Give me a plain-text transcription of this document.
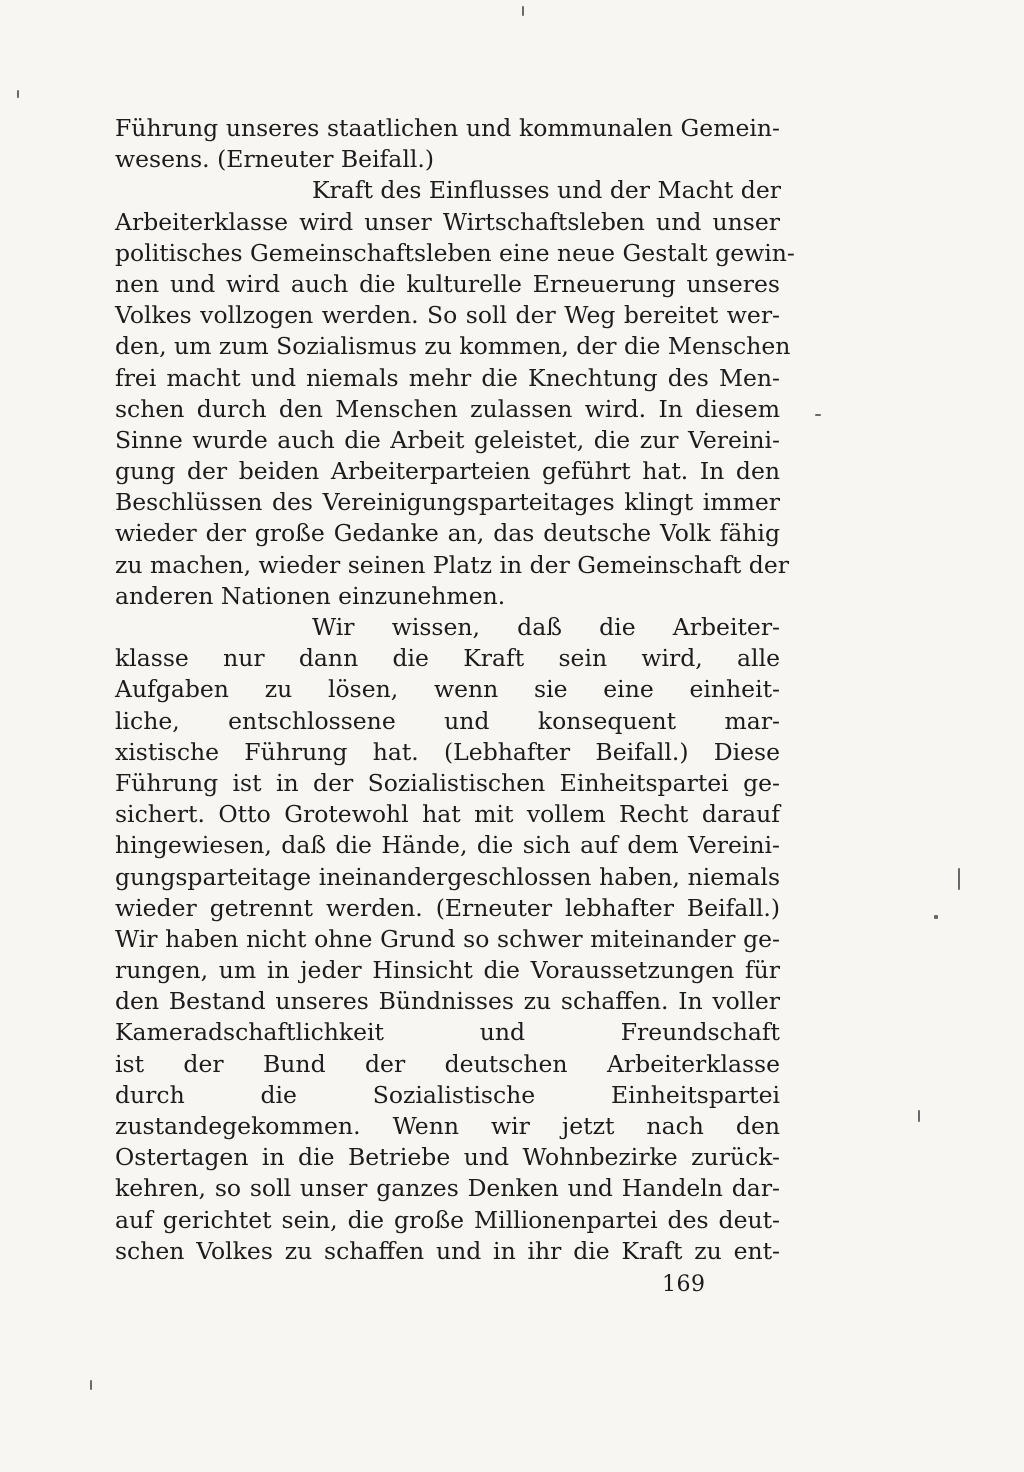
Führung unseres staatlichen und kommunalen Gemein-
wesens. (Erneuter Beifall.)
Kraft des Einflusses und der Macht der
Arbeiterklasse wird unser Wirtschaftsleben und unser
politisches Gemeinschaftsleben eine neue Gestalt gewin-
nen und wird auch die kulturelle Erneuerung unseres
Volkes vollzogen werden. So soll der Weg bereitet wer-
den, um zum Sozialismus zu kommen, der die Menschen
frei macht und niemals mehr die Knechtung des Men-
schen durch den Menschen zulassen wird. In diesem
Sinne wurde auch die Arbeit geleistet, die zur Vereini-
gung der beiden Arbeiterparteien geführt hat. In den
Beschlüssen des Vereinigungsparteitages klingt immer
wieder der große Gedanke an, das deutsche Volk fähig
zu machen, wieder seinen Platz in der Gemeinschaft der
anderen Nationen einzunehmen.
Wir wissen, daß die Arbeiter-
klasse nur dann die Kraft sein wird, alle
Aufgaben zu lösen, wenn sie eine einheit-
liche, entschlossene und konsequent mar-
xistische Führung hat. (Lebhafter Beifall.) Diese
Führung ist in der Sozialistischen Einheitspartei ge-
sichert. Otto Grotewohl hat mit vollem Recht darauf
hingewiesen, daß die Hände, die sich auf dem Vereini-
gungsparteitage ineinandergeschlossen haben, niemals
wieder getrennt werden. (Erneuter lebhafter Beifall.)
Wir haben nicht ohne Grund so schwer miteinander ge-
rungen, um in jeder Hinsicht die Voraussetzungen für
den Bestand unseres Bündnisses zu schaffen. In voller
Kameradschaftlichkeit und Freundschaft
ist der Bund der deutschen Arbeiterklasse
durch die Sozialistische Einheitspartei
zustandegekommen. Wenn wir jetzt nach den
Ostertagen in die Betriebe und Wohnbezirke zurück-
kehren, so soll unser ganzes Denken und Handeln dar-
auf gerichtet sein, die große Millionenpartei des deut-
schen Volkes zu schaffen und in ihr die Kraft zu ent-
169
